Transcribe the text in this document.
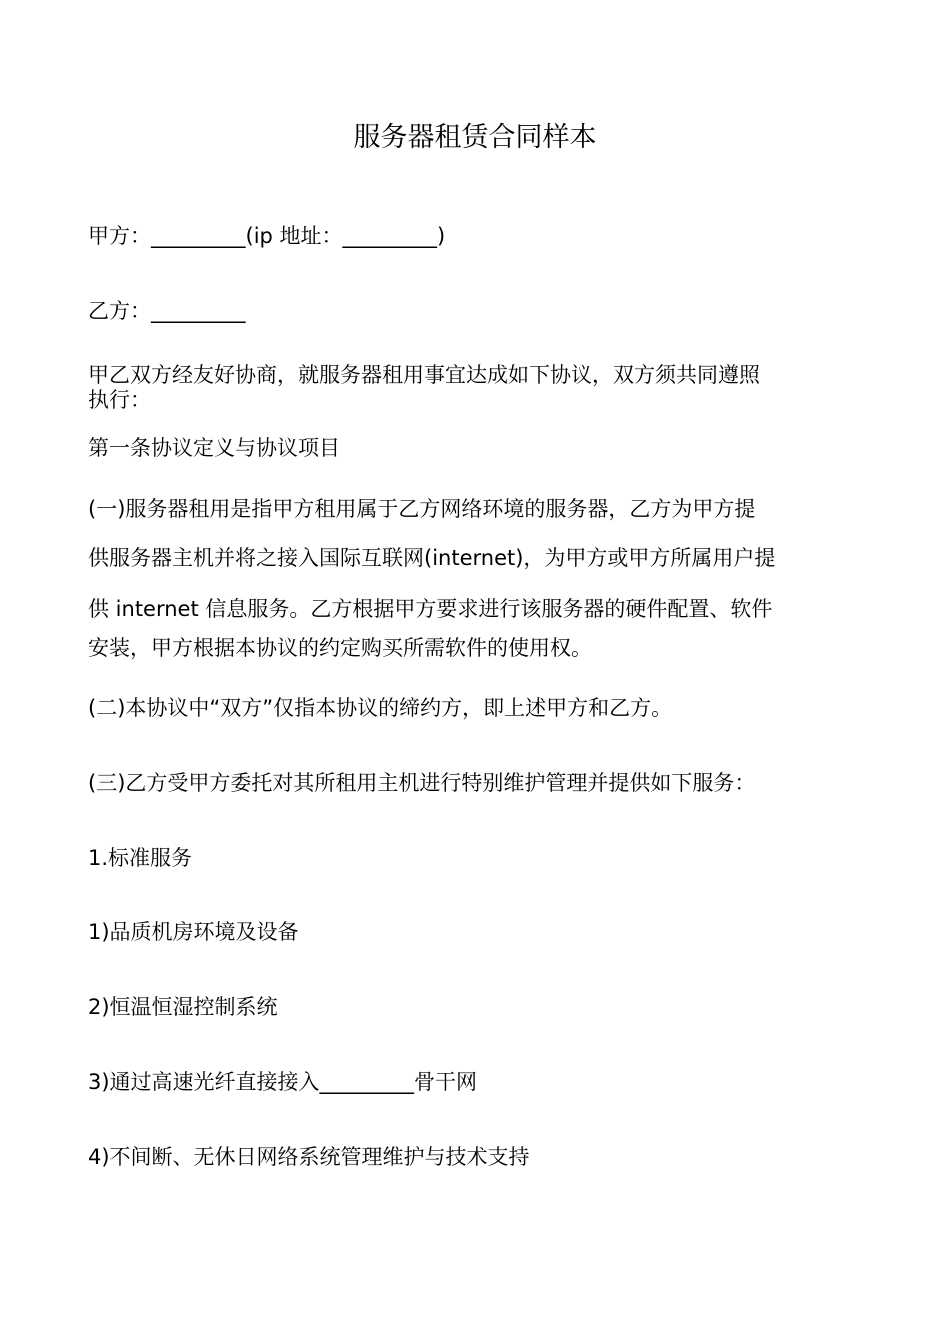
服务器租赁合同样本
甲方：_________(ip 地址：_________)
乙方：_________
甲乙双方经友好协商，就服务器租用事宜达成如下协议，双方须共同遵照
执行：
第一条协议定义与协议项目
(一)服务器租用是指甲方租用属于乙方网络环境的服务器，乙方为甲方提
供服务器主机并将之接入国际互联网(internet)，为甲方或甲方所属用户提
供 internet 信息服务。乙方根据甲方要求进行该服务器的硬件配置、软件
安装，甲方根据本协议的约定购买所需软件的使用权。
(二)本协议中“双方”仅指本协议的缔约方，即上述甲方和乙方。
(三)乙方受甲方委托对其所租用主机进行特别维护管理并提供如下服务：
1.标准服务
1)品质机房环境及设备
2)恒温恒湿控制系统
3)通过高速光纤直接接入_________骨干网
4)不间断、无休日网络系统管理维护与技术支持
